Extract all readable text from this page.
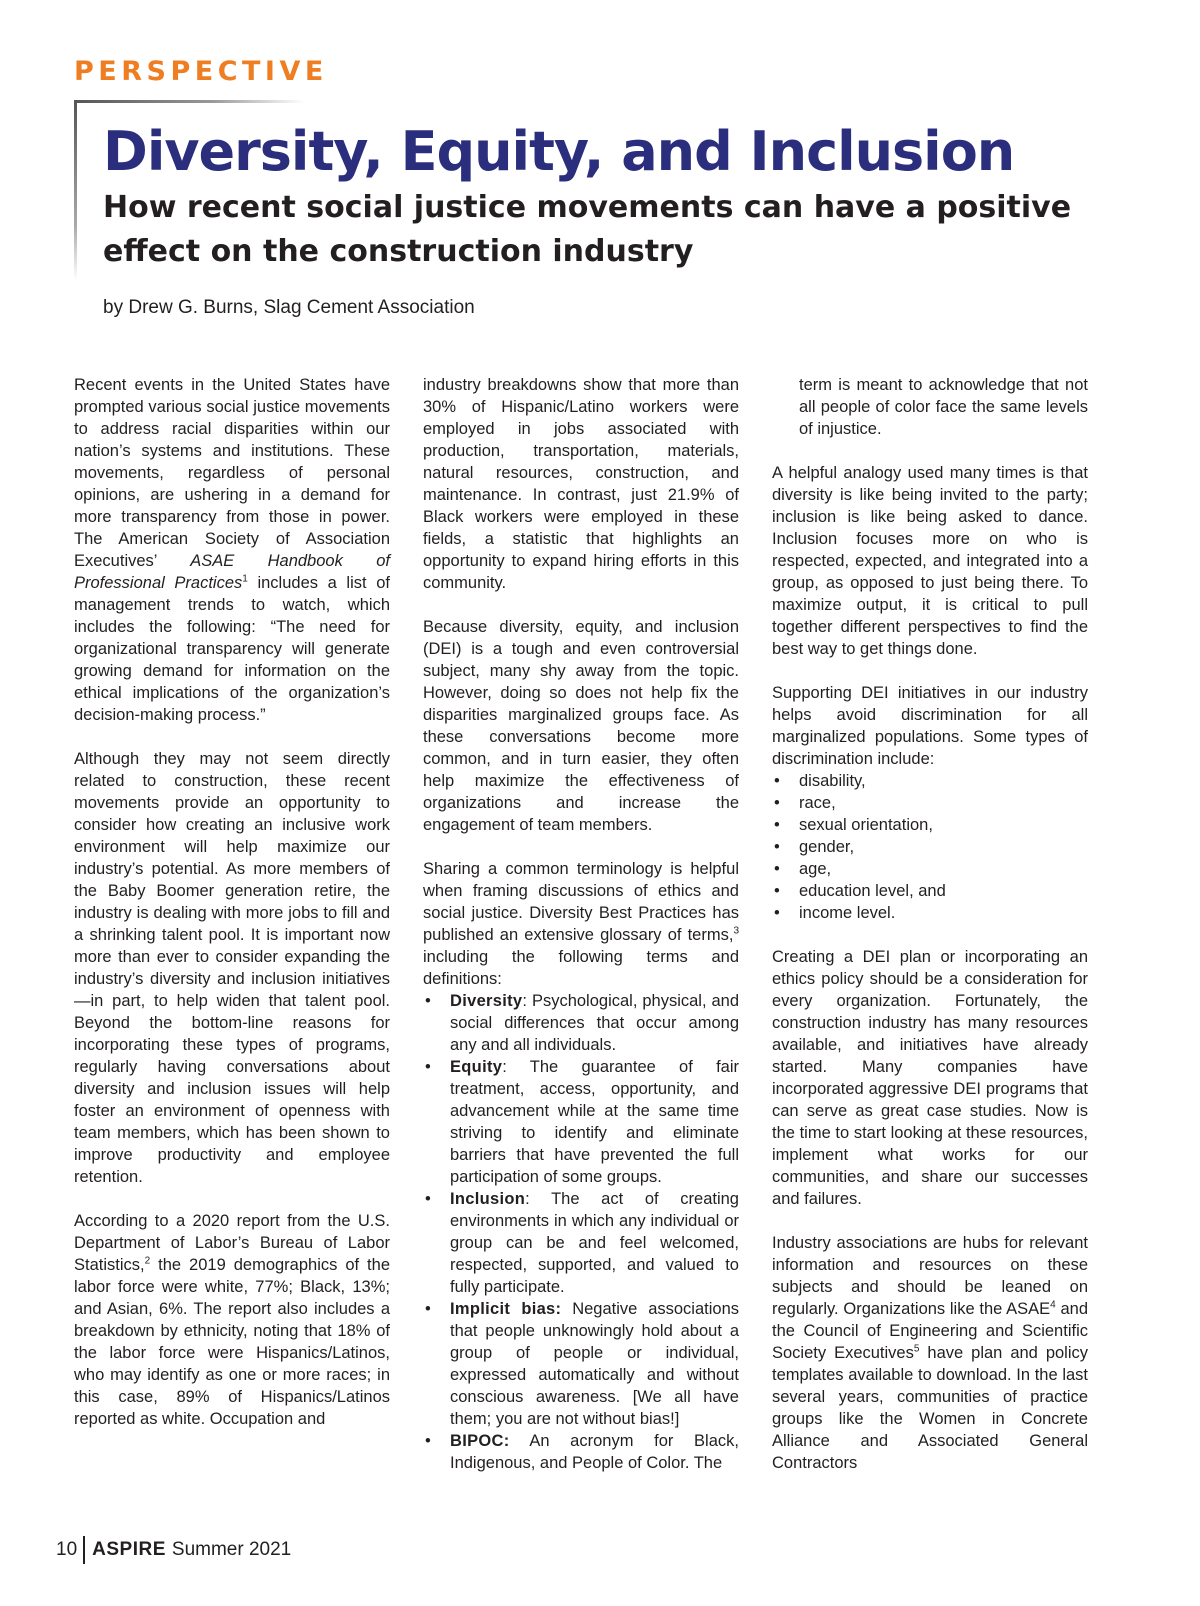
PERSPECTIVE
Diversity, Equity, and Inclusion
How recent social justice movements can have a positive effect on the construction industry

by Drew G. Burns, Slag Cement Association

Recent events in the United States have prompted various social justice movements to address racial disparities within our nation’s systems and institutions. These movements, regardless of personal opinions, are ushering in a demand for more transparency from those in power. The American Society of Association Executives’ ASAE Handbook of Professional Practices$^1$ includes a list of management trends to watch, which includes the following: “The need for organizational transparency will generate growing demand for information on the ethical implications of the organization’s decision-making process.”

Although they may not seem directly related to construction, these recent movements provide an opportunity to consider how creating an inclusive work environment will help maximize our industry’s potential. As more members of the Baby Boomer generation retire, the industry is dealing with more jobs to fill and a shrinking talent pool. It is important now more than ever to consider expanding the industry’s diversity and inclusion initiatives—in part, to help widen that talent pool. Beyond the bottom-line reasons for incorporating these types of programs, regularly having conversations about diversity and inclusion issues will help foster an environment of openness with team members, which has been shown to improve productivity and employee retention.

According to a 2020 report from the U.S. Department of Labor’s Bureau of Labor Statistics,$^2$ the 2019 demographics of the labor force were white, 77%; Black, 13%; and Asian, 6%. The report also includes a breakdown by ethnicity, noting that 18% of the labor force were Hispanics/Latinos, who may identify as one or more races; in this case, 89% of Hispanics/Latinos reported as white. Occupation and

industry breakdowns show that more than 30% of Hispanic/Latino workers were employed in jobs associated with production, transportation, materials, natural resources, construction, and maintenance. In contrast, just 21.9% of Black workers were employed in these fields, a statistic that highlights an opportunity to expand hiring efforts in this community.

Because diversity, equity, and inclusion (DEI) is a tough and even controversial subject, many shy away from the topic. However, doing so does not help fix the disparities marginalized groups face. As these conversations become more common, and in turn easier, they often help maximize the effectiveness of organizations and increase the engagement of team members.

Sharing a common terminology is helpful when framing discussions of ethics and social justice. Diversity Best Practices has published an extensive glossary of terms,$^3$ including the following terms and definitions:

• Diversity: Psychological, physical, and social differences that occur among any and all individuals.
• Equity: The guarantee of fair treatment, access, opportunity, and advancement while at the same time striving to identify and eliminate barriers that have prevented the full participation of some groups.
• Inclusion: The act of creating environments in which any individual or group can be and feel welcomed, respected, supported, and valued to fully participate.
• Implicit bias: Negative associations that people unknowingly hold about a group of people or individual, expressed automatically and without conscious awareness. [We all have them; you are not without bias!]
• BIPOC: An acronym for Black, Indigenous, and People of Color. The

term is meant to acknowledge that not all people of color face the same levels of injustice.

A helpful analogy used many times is that diversity is like being invited to the party; inclusion is like being asked to dance. Inclusion focuses more on who is respected, expected, and integrated into a group, as opposed to just being there. To maximize output, it is critical to pull together different perspectives to find the best way to get things done.

Supporting DEI initiatives in our industry helps avoid discrimination for all marginalized populations. Some types of discrimination include:

• disability,
• race,
• sexual orientation,
• gender,
• age,
• education level, and
• income level.

Creating a DEI plan or incorporating an ethics policy should be a consideration for every organization. Fortunately, the construction industry has many resources available, and initiatives have already started. Many companies have incorporated aggressive DEI programs that can serve as great case studies. Now is the time to start looking at these resources, implement what works for our communities, and share our successes and failures.

Industry associations are hubs for relevant information and resources on these subjects and should be leaned on regularly. Organizations like the ASAE$^4$ and the Council of Engineering and Scientific Society Executives$^5$ have plan and policy templates available to download. In the last several years, communities of practice groups like the Women in Concrete Alliance and Associated General Contractors

10 ASPIRE Summer 2021
